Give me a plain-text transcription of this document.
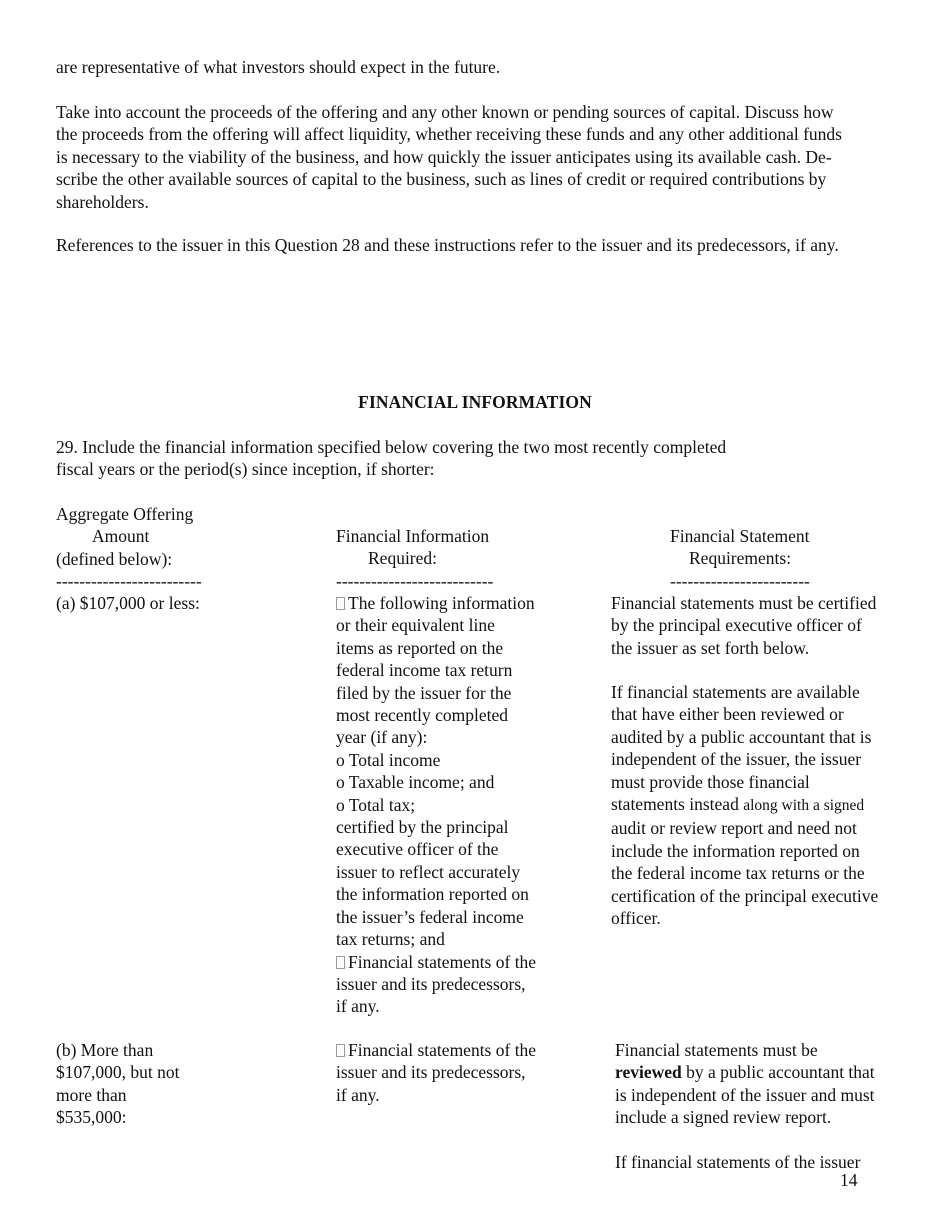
are representative of what investors should expect in the future.

Take into account the proceeds of the offering and any other known or pending sources of capital. Discuss how
the proceeds from the offering will affect liquidity, whether receiving these funds and any other additional funds
is necessary to the viability of the business, and how quickly the issuer anticipates using its available cash. De-
scribe the other available sources of capital to the business, such as lines of credit or required contributions by
shareholders.

References to the issuer in this Question 28 and these instructions refer to the issuer and its predecessors, if any.

FINANCIAL INFORMATION
29. Include the financial information specified below covering the two most recently completed
fiscal years or the period(s) since inception, if shorter:
Aggregate Offering
Amount
(defined below):
-------------------------
Financial Information
Required:
---------------------------
Financial Statement
Requirements:
------------------------

(a) $107,000 or less:	The following information
or their equivalent line
items as reported on the
federal income tax return
filed by the issuer for the
most recently completed
year (if any):
o Total income
o Taxable income; and
o Total tax;
certified by the principal
executive officer of the
issuer to reflect accurately
the information reported on
the issuer’s federal income
tax returns; and
Financial statements of the
issuer and its predecessors,
if any.
Financial statements must be certified
by the principal executive officer of
the issuer as set forth below.
If financial statements are available
that have either been reviewed or
audited by a public accountant that is
independent of the issuer, the issuer
must provide those financial
statements instead along with a signed
audit or review report and need not
include the information reported on
the federal income tax returns or the
certification of the principal executive
officer.
(b) More than
$107,000, but not
more than
$535,000:
Financial statements of the
issuer and its predecessors,
if any.
Financial statements must be
reviewed by a public accountant that
is independent of the issuer and must
include a signed review report.

If financial statements of the issuer

14
